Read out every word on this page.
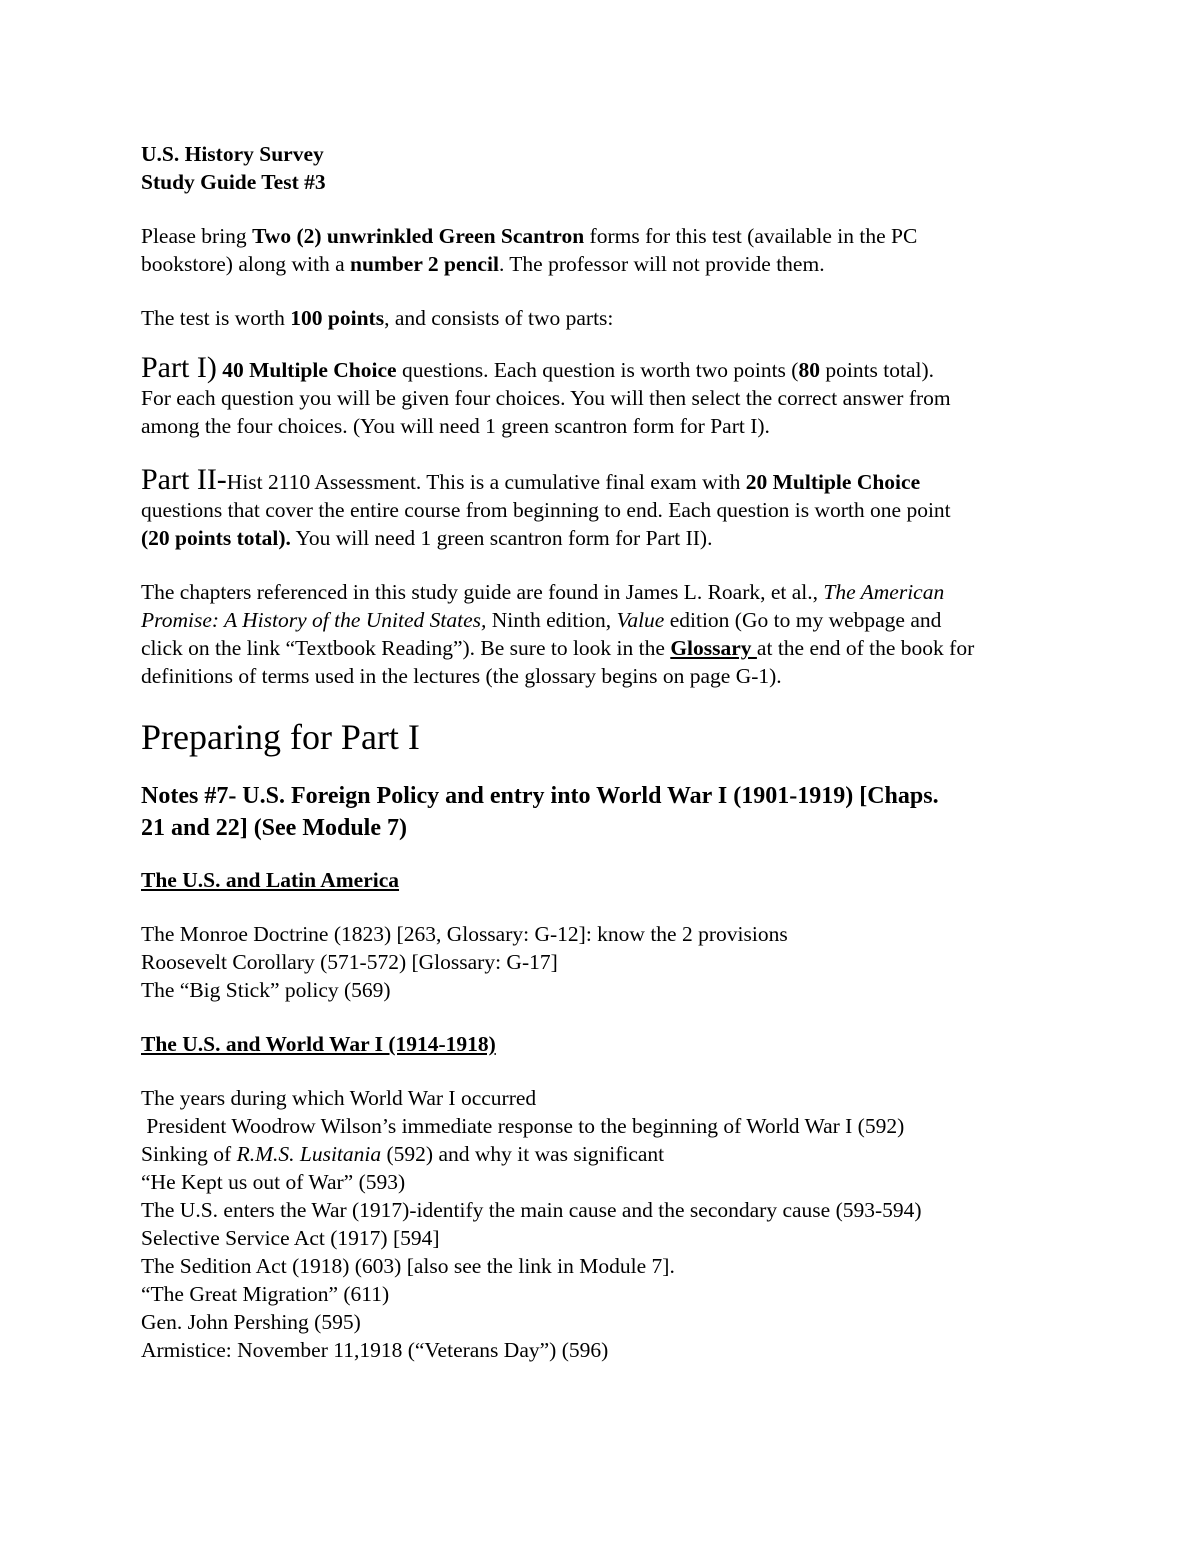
U.S. History Survey

Study Guide Test #3

Please bring Two (2) unwrinkled Green Scantron forms for this test (available in the PC
bookstore) along with a number 2 pencil. The professor will not provide them.

The test is worth 100 points, and consists of two parts:

Part I) 40 Multiple Choice questions. Each question is worth two points (80 points total).
For each question you will be given four choices. You will then select the correct answer from
among the four choices. (You will need 1 green scantron form for Part I).

Part II-Hist 2110 Assessment. This is a cumulative final exam with 20 Multiple Choice
questions that cover the entire course from beginning to end. Each question is worth one point
(20 points total). You will need 1 green scantron form for Part II).

The chapters referenced in this study guide are found in James L. Roark, et al., The American
Promise: A History of the United States, Ninth edition, Value edition (Go to my webpage and
click on the link “Textbook Reading”). Be sure to look in the Glossary at the end of the book for
definitions of terms used in the lectures (the glossary begins on page G-1).

Preparing for Part I

Notes #7- U.S. Foreign Policy and entry into World War I (1901-1919) [Chaps.
21 and 22] (See Module 7)

The U.S. and Latin America

The Monroe Doctrine (1823) [263, Glossary: G-12]: know the 2 provisions

Roosevelt Corollary (571-572) [Glossary: G-17]

The “Big Stick” policy (569)

The U.S. and World War I (1914-1918)

The years during which World War I occurred

President Woodrow Wilson’s immediate response to the beginning of World War I (592)

Sinking of R.M.S. Lusitania (592) and why it was significant

“He Kept us out of War” (593)

The U.S. enters the War (1917)-identify the main cause and the secondary cause (593-594)

Selective Service Act (1917) [594]

The Sedition Act (1918) (603) [also see the link in Module 7].

“The Great Migration” (611)

Gen. John Pershing (595)

Armistice: November 11,1918 (“Veterans Day”) (596)
